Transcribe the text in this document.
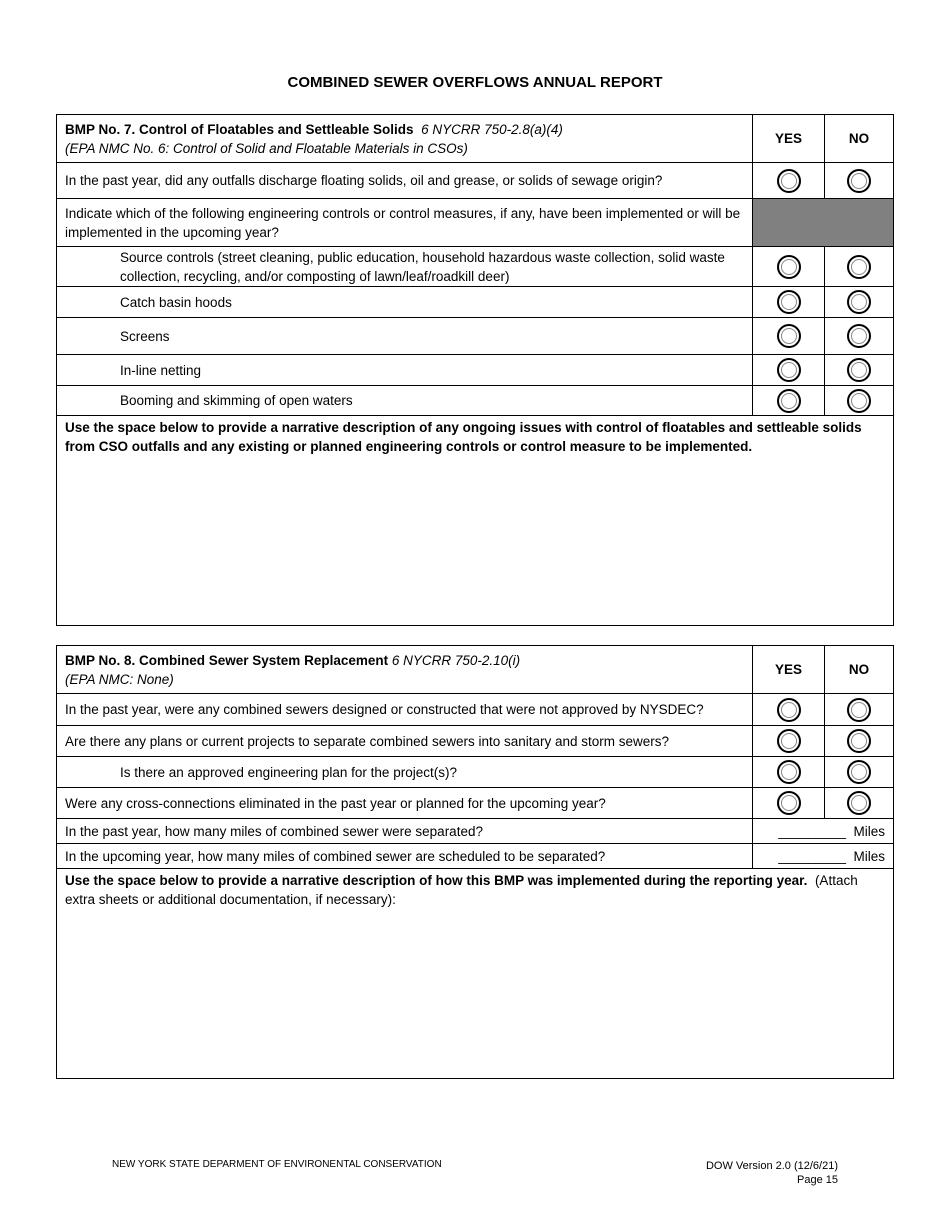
COMBINED SEWER OVERFLOWS ANNUAL REPORT
BMP No. 7. Control of Floatables and Settleable Solids 6 NYCRR 750-2.8(a)(4)
(EPA NMC No. 6: Control of Solid and Floatable Materials in CSOs)	YES	NO
In the past year, did any outfalls discharge floating solids, oil and grease, or solids of sewage origin?		
Indicate which of the following engineering controls or control measures, if any, have been implemented or will be implemented in the upcoming year?		
Source controls (street cleaning, public education, household hazardous waste collection, solid waste collection, recycling, and/or composting of lawn/leaf/roadkill deer)		
Catch basin hoods		
Screens		
In-line netting		
Booming and skimming of open waters		
Use the space below to provide a narrative description of any ongoing issues with control of floatables and settleable solids from CSO outfalls and any existing or planned engineering controls or control measure to be implemented.		
BMP No. 8. Combined Sewer System Replacement 6 NYCRR 750-2.10(i)
(EPA NMC: None)	YES	NO
In the past year, were any combined sewers designed or constructed that were not approved by NYSDEC?		
Are there any plans or current projects to separate combined sewers into sanitary and storm sewers?		
Is there an approved engineering plan for the project(s)?		
Were any cross-connections eliminated in the past year or planned for the upcoming year?		
In the past year, how many miles of combined sewer were separated?	_________ Miles	
In the upcoming year, how many miles of combined sewer are scheduled to be separated?	_________ Miles	
Use the space below to provide a narrative description of how this BMP was implemented during the reporting year. (Attach extra sheets or additional documentation, if necessary):		
NEW YORK STATE DEPARMENT OF ENVIRONENTAL CONSERVATION	DOW Version 2.0 (12/6/21)
Page 15
